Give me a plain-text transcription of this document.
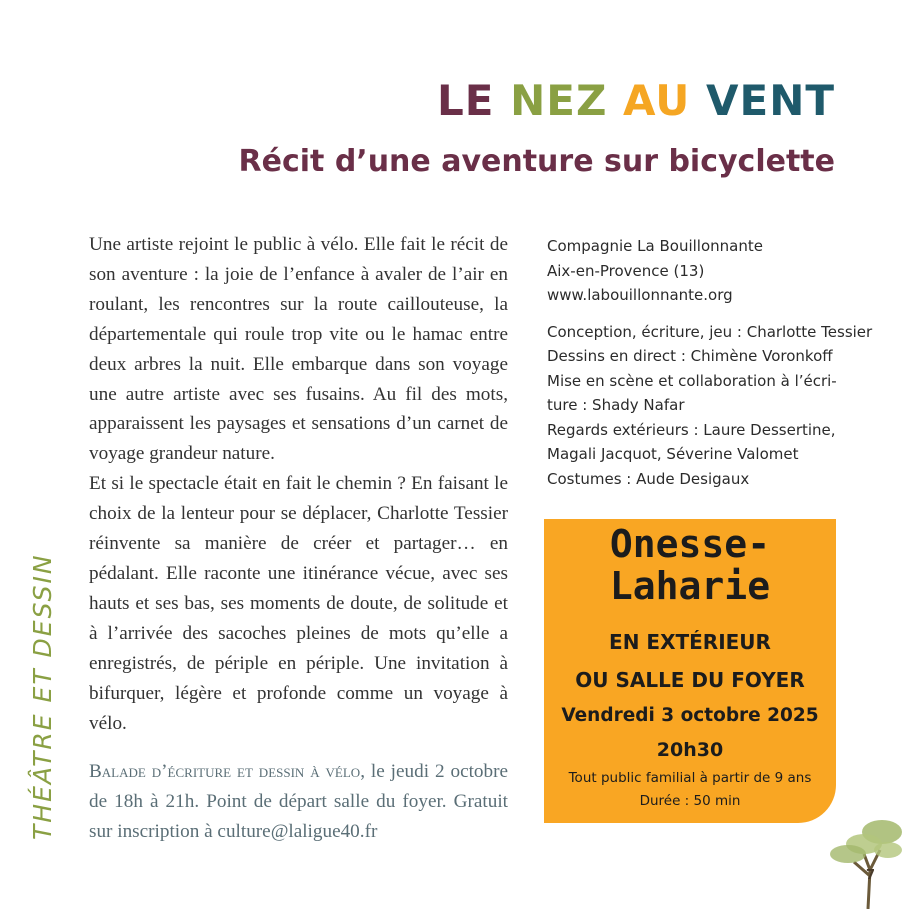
LE NEZ AU VENT
Récit d’une aventure sur bicyclette

Une artiste rejoint le public à vélo. Elle fait le récit de son aventure : la joie de l’enfance à avaler de l’air en roulant, les rencontres sur la route caillouteuse, la départementale qui roule trop vite ou le hamac entre deux arbres la nuit. Elle embarque dans son voyage une autre artiste avec ses fusains. Au fil des mots, apparaissent les paysages et sensations d’un carnet de voyage grandeur nature.

Et si le spectacle était en fait le chemin ? En faisant le choix de la lenteur pour se déplacer, Charlotte Tessier réinvente sa manière de créer et partager… en pédalant. Elle raconte une itinérance vécue, avec ses hauts et ses bas, ses moments de doute, de solitude et à l’arrivée des sacoches pleines de mots qu’elle a enregistrés, de périple en périple. Une invitation à bifurquer, légère et profonde comme un voyage à vélo.

Balade d’écriture et dessin à vélo, le jeudi 2 octobre de 18h à 21h. Point de départ salle du foyer. Gratuit sur inscription à culture@laligue40.fr
THÉÂTRE ET DESSIN
Compagnie La Bouillonnante
Aix-en-Provence (13)
www.labouillonnante.org
Conception, écriture, jeu : Charlotte Tessier
Dessins en direct : Chimène Voronkoff
Mise en scène et collaboration à l’écri-
ture : Shady Nafar
Regards extérieurs : Laure Dessertine,
Magali Jacquot, Séverine Valomet
Costumes : Aude Desigaux
Onesse-
Laharie
EN EXTÉRIEUR
OU SALLE DU FOYER
Vendredi 3 octobre 2025
20h30
Tout public familial à partir de 9 ans
Durée : 50 min
7
